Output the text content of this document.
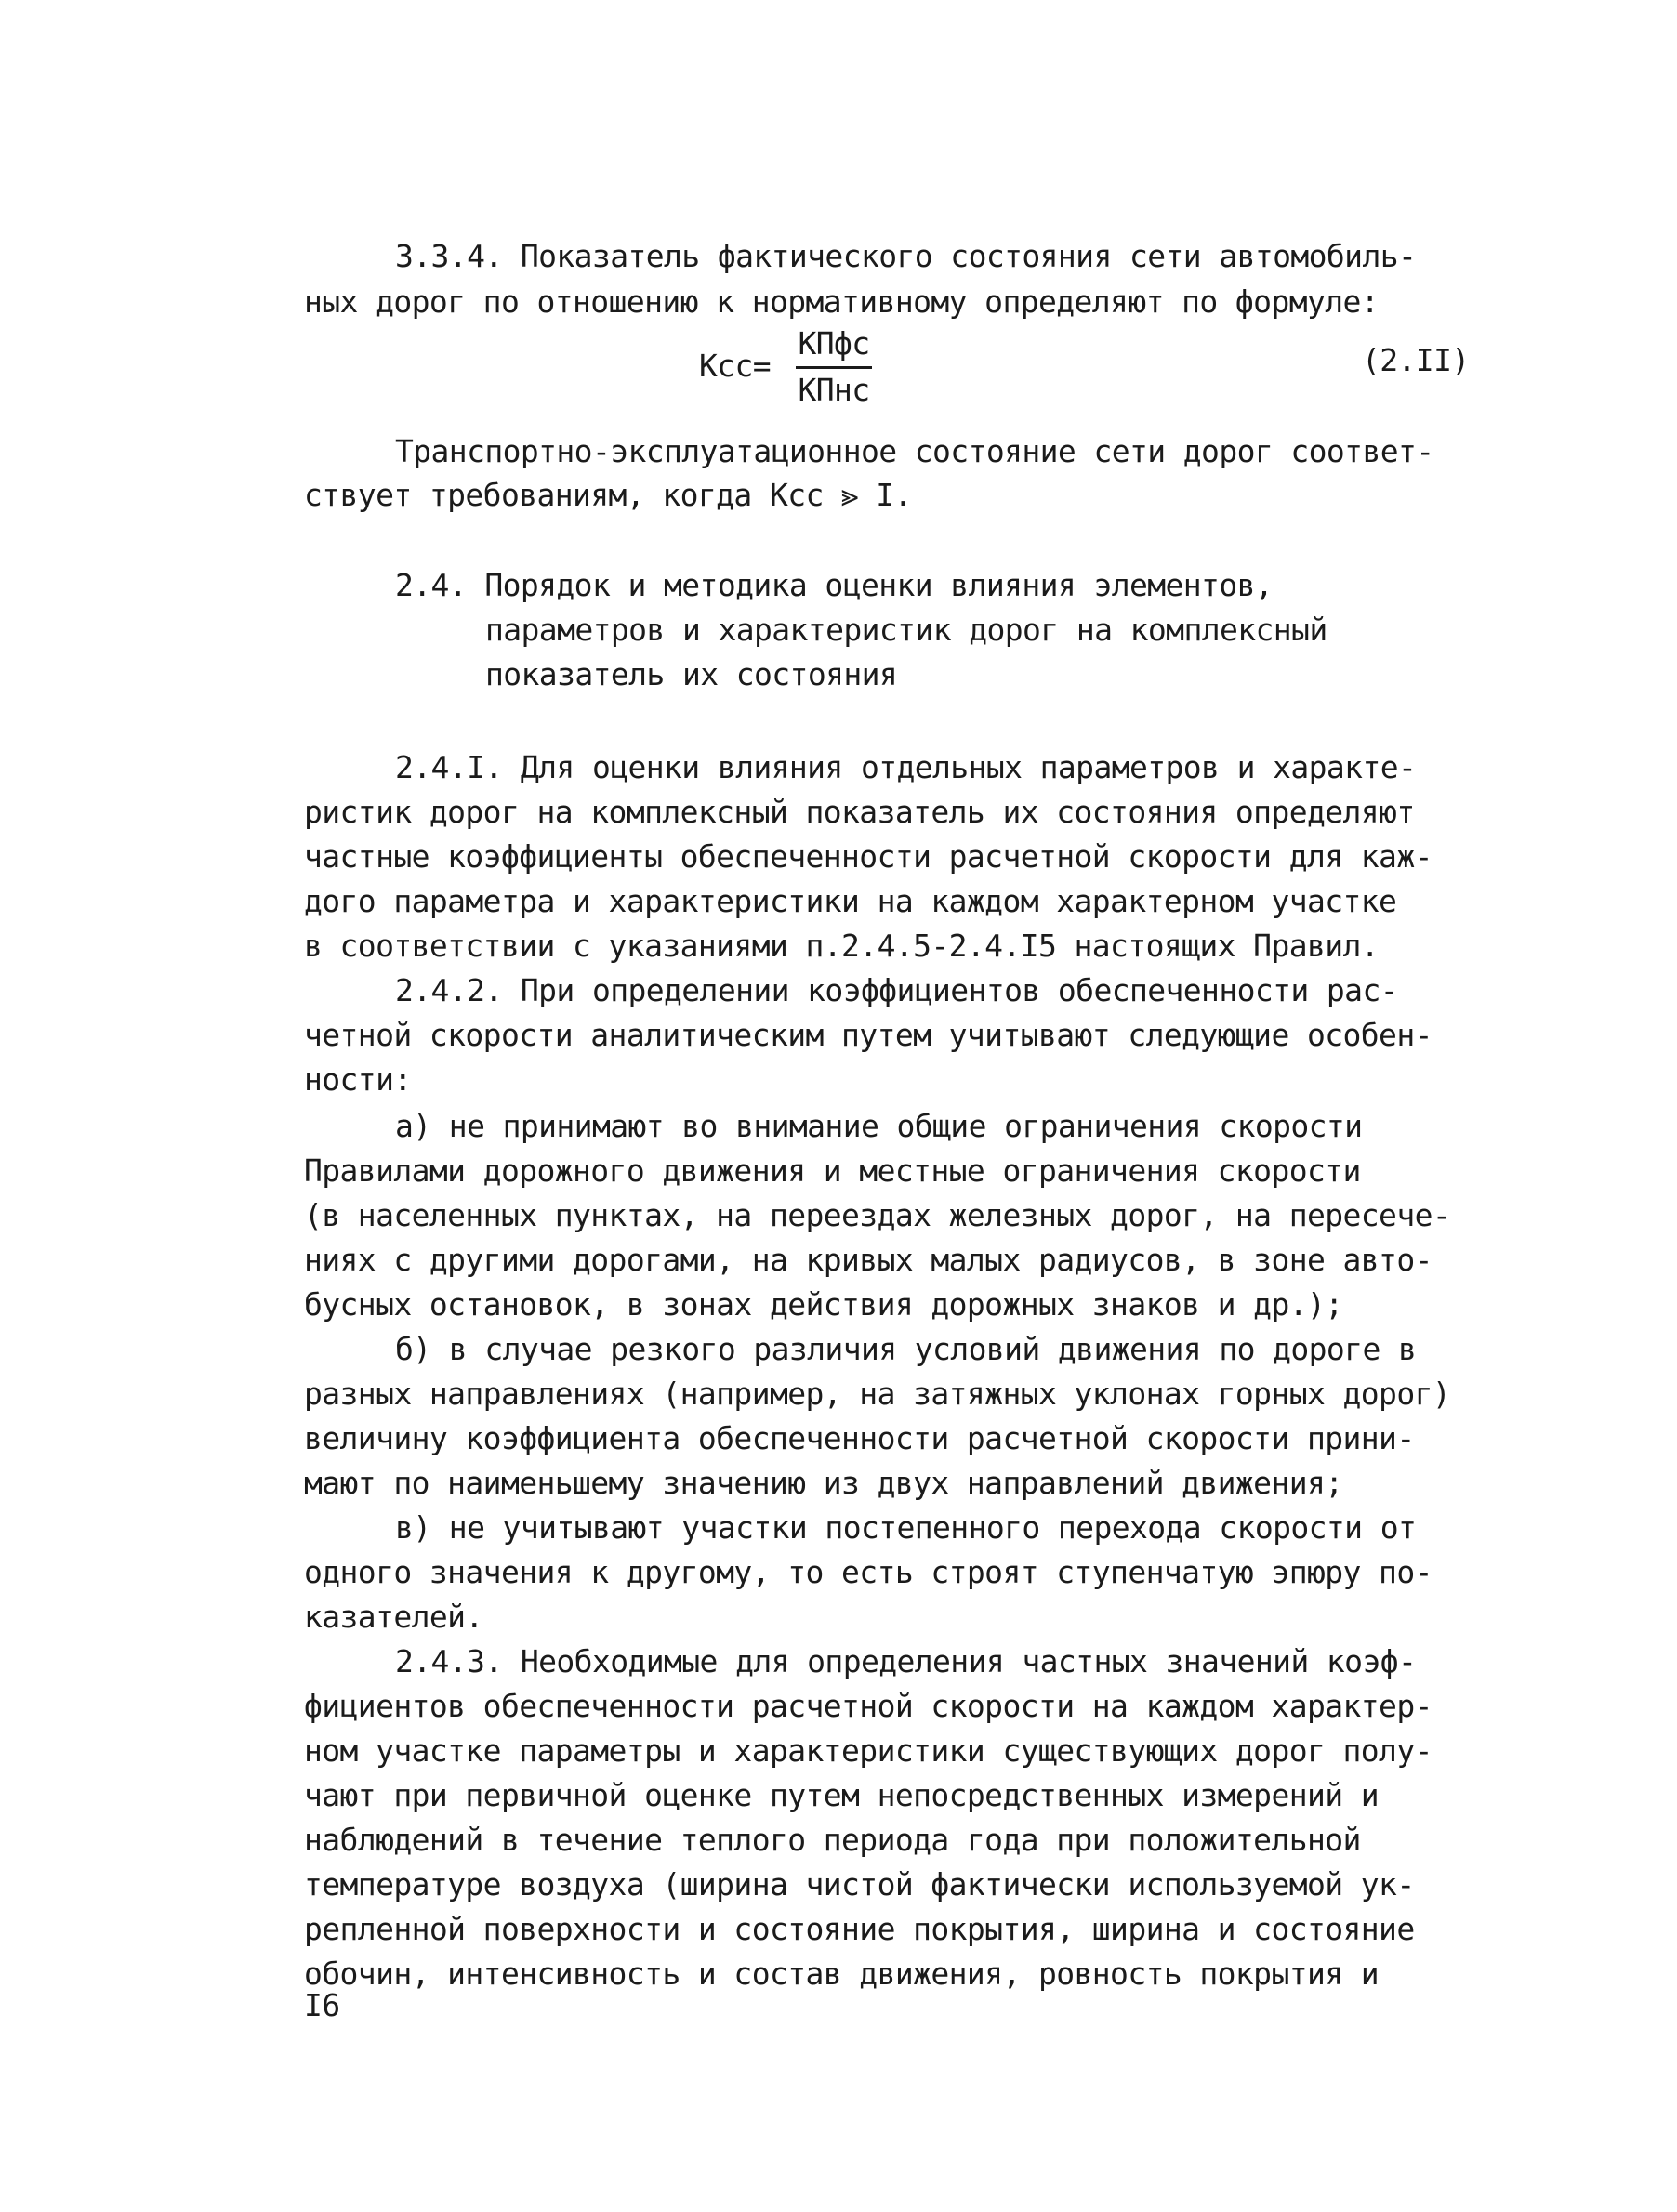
3.3.4. Показатель фактического состояния сети автомобиль-
ных дорог по отношению к нормативному определяют по формуле:
Ксс=
КПфс
КПнс
(2.II)
Транспортно-эксплуатационное состояние сети дорог соответ-
ствует требованиям, когда Ксс ⪢ I.
2.4. Порядок и методика оценки влияния элементов,
параметров и характеристик дорог на комплексный
показатель их состояния
2.4.I. Для оценки влияния отдельных параметров и характе-
ристик дорог на комплексный показатель их состояния определяют
частные коэффициенты обеспеченности расчетной скорости для каж-
дого параметра и характеристики на каждом характерном участке
в соответствии с указаниями п.2.4.5-2.4.I5 настоящих Правил.
2.4.2. При определении коэффициентов обеспеченности рас-
четной скорости аналитическим путем учитывают следующие особен-
ности:
а) не принимают во внимание общие ограничения скорости
Правилами дорожного движения и местные ограничения скорости
(в населенных пунктах, на переездах железных дорог, на пересече-
ниях с другими дорогами, на кривых малых радиусов, в зоне авто-
бусных остановок, в зонах действия дорожных знаков и др.);
б) в случае резкого различия условий движения по дороге в
разных направлениях (например, на затяжных уклонах горных дорог)
величину коэффициента обеспеченности расчетной скорости прини-
мают по наименьшему значению из двух направлений движения;
в) не учитывают участки постепенного перехода скорости от
одного значения к другому, то есть строят ступенчатую эпюру по-
казателей.
2.4.3. Необходимые для определения частных значений коэф-
фициентов обеспеченности расчетной скорости на каждом характер-
ном участке параметры и характеристики существующих дорог полу-
чают при первичной оценке путем непосредственных измерений и
наблюдений в течение теплого периода года при положительной
температуре воздуха (ширина чистой фактически используемой ук-
репленной поверхности и состояние покрытия, ширина и состояние
обочин, интенсивность и состав движения, ровность покрытия и
I6
